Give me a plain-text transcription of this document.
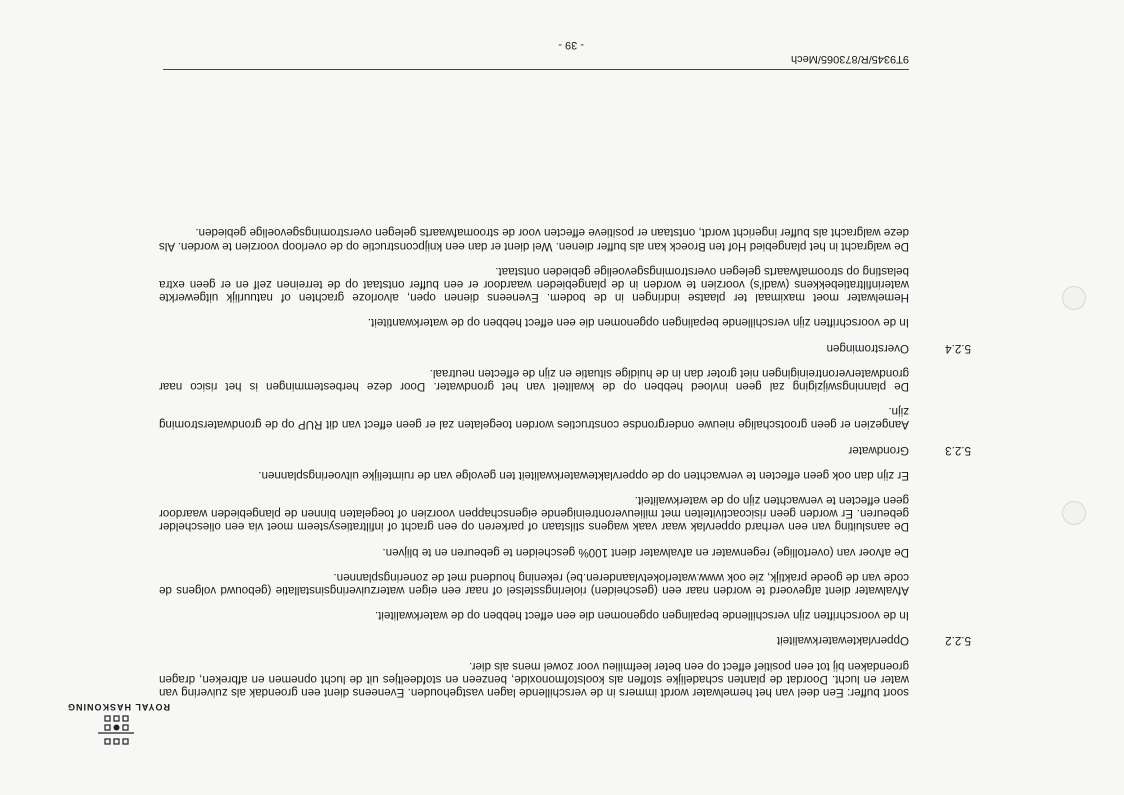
ROYAL HASKONING

soort buffer: Een deel van het hemelwater wordt immers in de verschillende lagen vastgehouden. Eveneens dient een groendak als zuivering van water en lucht. Doordat de planten schadelijke stoffen als koolstofmonoxide, benzeen en stofdeeltjes uit de lucht opnemen en afbreken, dragen groendaken bij tot een positief effect op een beter leefmilieu voor zowel mens als dier.

5.2.2
Oppervlaktewaterkwaliteit

In de voorschriften zijn verschillende bepalingen opgenomen die een effect hebben op de waterkwaliteit.

Afvalwater dient afgevoerd te worden naar een (gescheiden) rioleringsstelsel of naar een eigen waterzuiveringsinstallatie (gebouwd volgens de code van de goede praktijk, zie ook www.waterloketvlaanderen.be) rekening houdend met de zoneringsplannen.

De afvoer van (overtollige) regenwater en afvalwater dient 100% gescheiden te gebeuren en te blijven.

De aansluiting van een verhard oppervlak waar vaak wagens stilstaan of parkeren op een gracht of infiltratiesysteem moet via een olieschelder gebeuren. Er worden geen risicoactiviteiten met milieuverontreinigende eigenschappen voorzien of toegelaten binnen de plangebieden waardoor geen effecten te verwachten zijn op de waterkwaliteit.

Er zijn dan ook geen effecten te verwachten op de oppervlaktewaterkwaliteit ten gevolge van de ruimtelijke uitvoeringsplannen.

5.2.3
Grondwater

Aangezien er geen grootschalige nieuwe ondergrondse constructies worden toegelaten zal er geen effect van dit RUP op de grondwaterstroming zijn.

De planningswijziging zal geen invloed hebben op de kwaliteit van het grondwater. Door deze herbestemmingen is het risico naar grondwaterverontreinigingen niet groter dan in de huidige situatie en zijn de effecten neutraal.

5.2.4
Overstromingen

In de voorschriften zijn verschillende bepalingen opgenomen die een effect hebben op de waterkwantiteit.

Hemelwater moet maximaal ter plaatse indringen in de bodem. Eveneens dienen open, alvorloze grachten of natuurlijk uitgewerkte waterinfiltratiebekkens (wadi's) voorzien te worden in de plangebieden waardoor er een buffer ontstaat op de terreinen zelf en er geen extra belasting op stroomafwaarts gelegen overstromingsgevoelige gebieden ontstaat.

De walgracht in het plangebied Hof ten Broeck kan als buffer dienen. Wel dient er dan een knijpconstructie op de overloop voorzien te worden. Als deze walgracht als buffer ingericht wordt, ontstaan er positieve effecten voor de stroomafwaarts gelegen overstromingsgevoelige gebieden.

9T9345/R/873065/Mech
- 39 -
